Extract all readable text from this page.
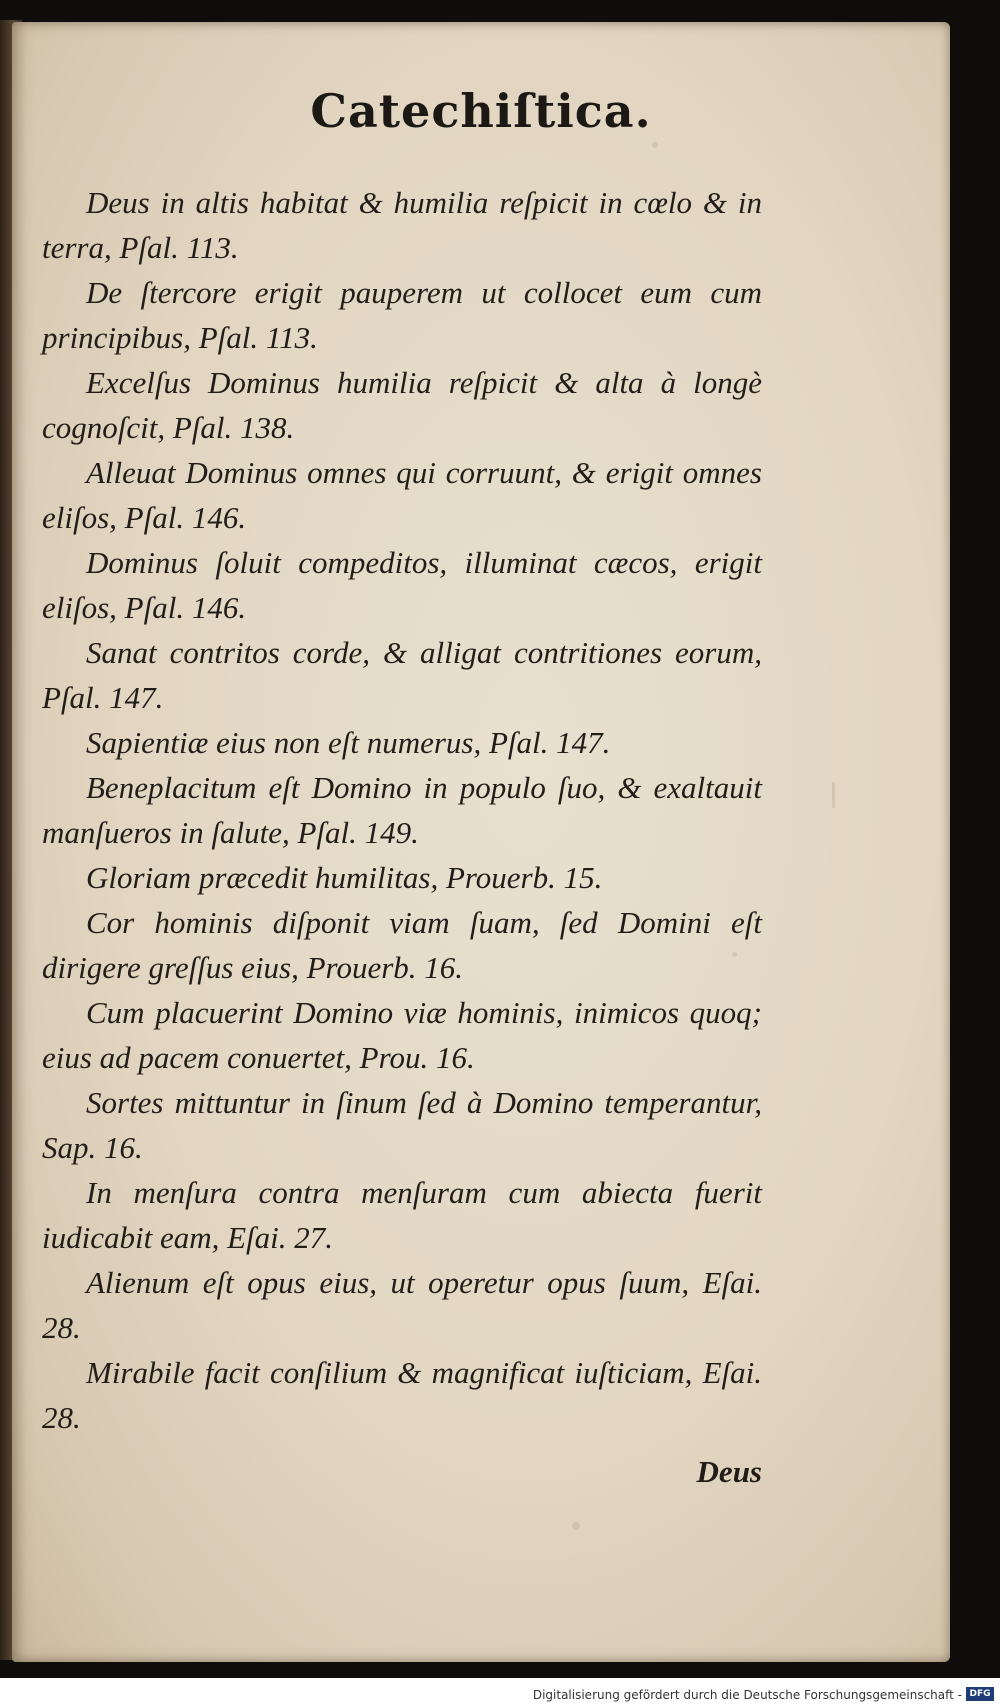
Catechiſtica.

Deus in altis habitat & humilia reſpicit in cœlo & in terra, Pſal. 113.

De ſtercore erigit pauperem ut collocet eum cum principibus, Pſal. 113.

Excelſus Dominus humilia reſpicit & alta à longè cognoſcit, Pſal. 138.

Alleuat Dominus omnes qui corruunt, & erigit omnes eliſos, Pſal. 146.

Dominus ſoluit compeditos, illuminat cæcos, erigit eliſos, Pſal. 146.

Sanat contritos corde, & alligat contritiones eorum, Pſal. 147.

Sapientiæ eius non eſt numerus, Pſal. 147.

Beneplacitum eſt Domino in populo ſuo, & exaltauit manſueros in ſalute, Pſal. 149.

Gloriam præcedit humilitas, Prouerb. 15.

Cor hominis diſponit viam ſuam, ſed Domini eſt dirigere greſſus eius, Prouerb. 16.

Cum placuerint Domino viæ hominis, inimicos quoq; eius ad pacem conuertet, Prou. 16.

Sortes mittuntur in ſinum ſed à Domino temperantur, Sap. 16.

In menſura contra menſuram cum abiecta fuerit iudicabit eam, Eſai. 27.

Alienum eſt opus eius, ut operetur opus ſuum, Eſai. 28.

Mirabile facit conſilium & magnificat iuſticiam, Eſai. 28.

Deus
Digitalisierung gefördert durch die Deutsche Forschungsgemeinschaft - DFG
